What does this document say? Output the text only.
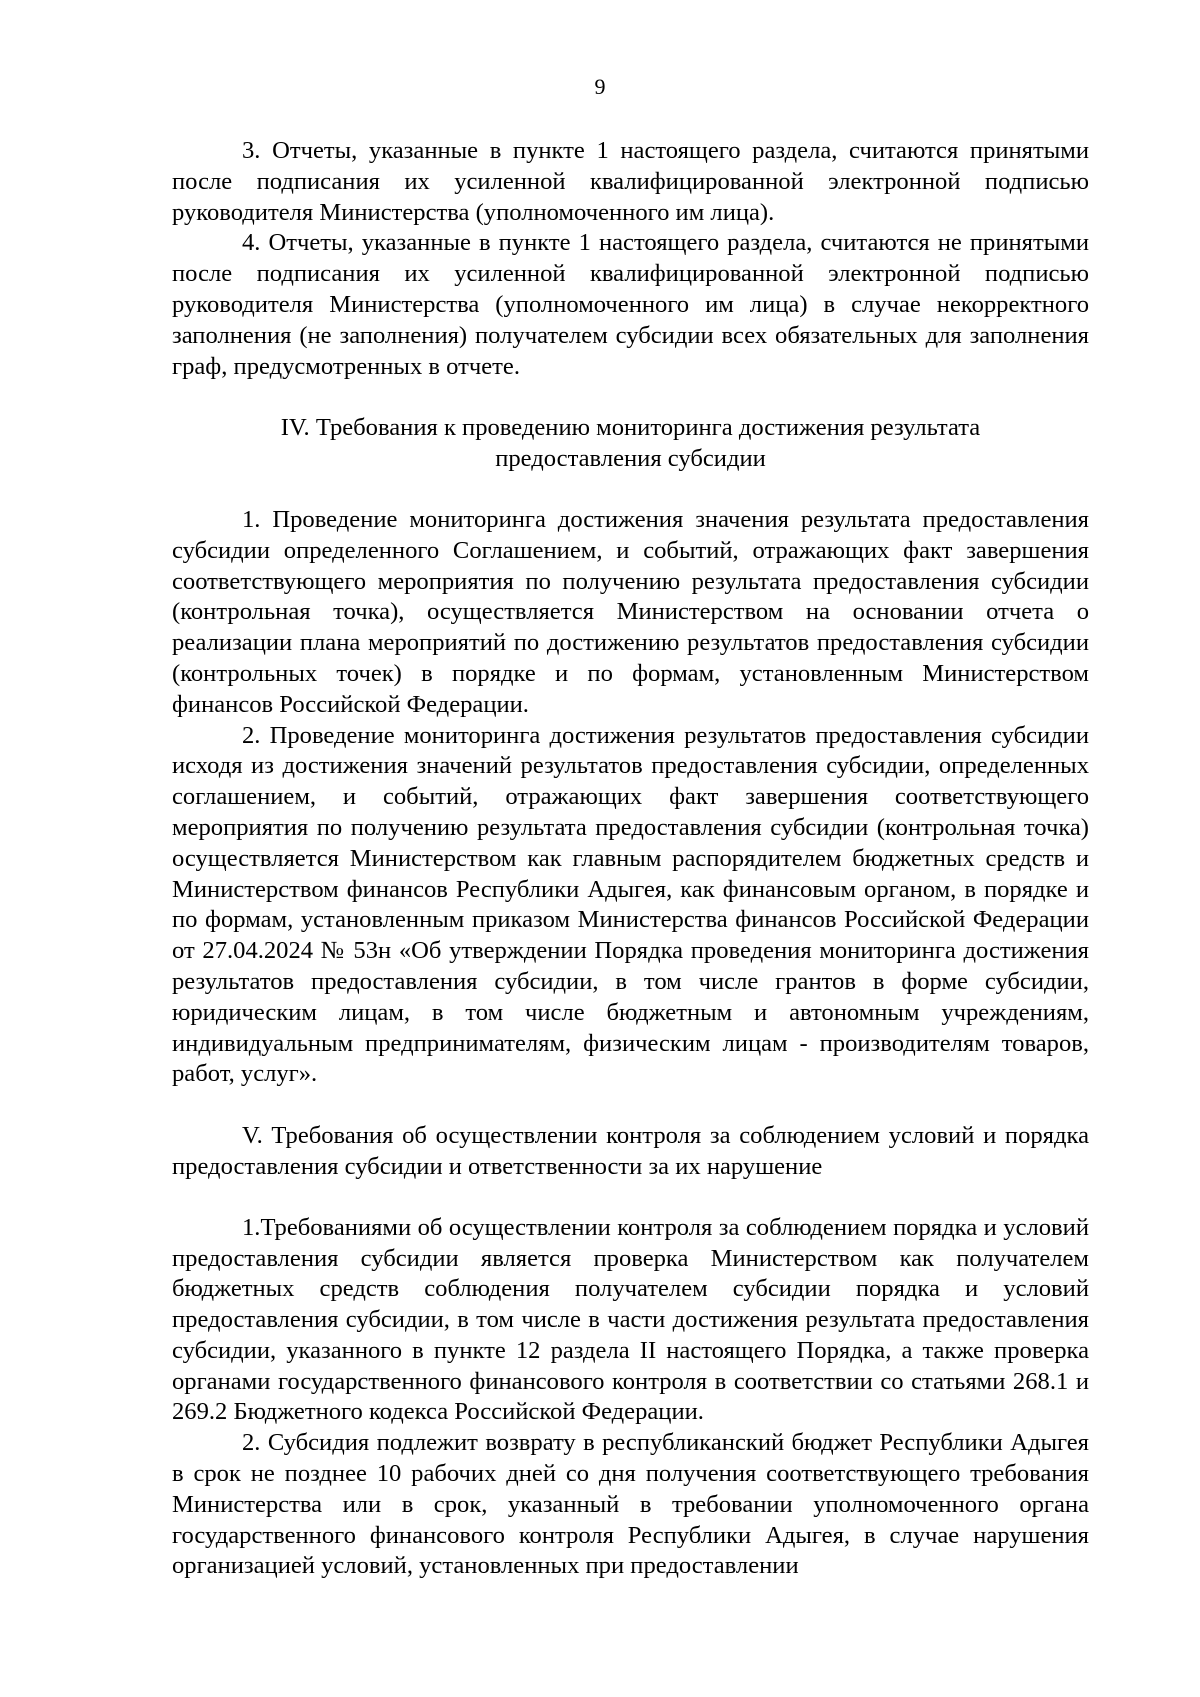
9

3. Отчеты, указанные в пункте 1 настоящего раздела, считаются принятыми после подписания их усиленной квалифицированной электронной подписью руководителя Министерства (уполномоченного им лица).

4. Отчеты, указанные в пункте 1 настоящего раздела, считаются не принятыми после подписания их усиленной квалифицированной электронной подписью руководителя Министерства (уполномоченного им лица) в случае некорректного заполнения (не заполнения) получателем субсидии всех обязательных для заполнения граф, предусмотренных в отчете.

IV. Требования к проведению мониторинга достижения результата

предоставления субсидии

1. Проведение мониторинга достижения значения результата предоставления субсидии определенного Соглашением, и событий, отражающих факт завершения соответствующего мероприятия по получению результата предоставления субсидии (контрольная точка), осуществляется Министерством на основании отчета о реализации плана мероприятий по достижению результатов предоставления субсидии (контрольных точек) в порядке и по формам, установленным Министерством финансов Российской Федерации.

2. Проведение мониторинга достижения результатов предоставления субсидии исходя из достижения значений результатов предоставления субсидии, определенных соглашением, и событий, отражающих факт завершения соответствующего мероприятия по получению результата предоставления субсидии (контрольная точка) осуществляется Министерством как главным распорядителем бюджетных средств и Министерством финансов Республики Адыгея, как финансовым органом, в порядке и по формам, установленным приказом Министерства финансов Российской Федерации от 27.04.2024 № 53н «Об утверждении Порядка проведения мониторинга достижения результатов предоставления субсидии, в том числе грантов в форме субсидии, юридическим лицам, в том числе бюджетным и автономным учреждениям, индивидуальным предпринимателям, физическим лицам - производителям товаров, работ, услуг».

V. Требования об осуществлении контроля за соблюдением условий и порядка предоставления субсидии и ответственности за их нарушение

1.Требованиями об осуществлении контроля за соблюдением порядка и условий предоставления субсидии является проверка Министерством как получателем бюджетных средств соблюдения получателем субсидии порядка и условий предоставления субсидии, в том числе в части достижения результата предоставления субсидии, указанного в пункте 12 раздела II настоящего Порядка, а также проверка органами государственного финансового контроля в соответствии со статьями 268.1 и 269.2 Бюджетного кодекса Российской Федерации.

2. Субсидия подлежит возврату в республиканский бюджет Республики Адыгея в срок не позднее 10 рабочих дней со дня получения соответствующего требования Министерства или в срок, указанный в требовании уполномоченного органа государственного финансового контроля Республики Адыгея, в случае нарушения организацией условий, установленных при предоставлении
